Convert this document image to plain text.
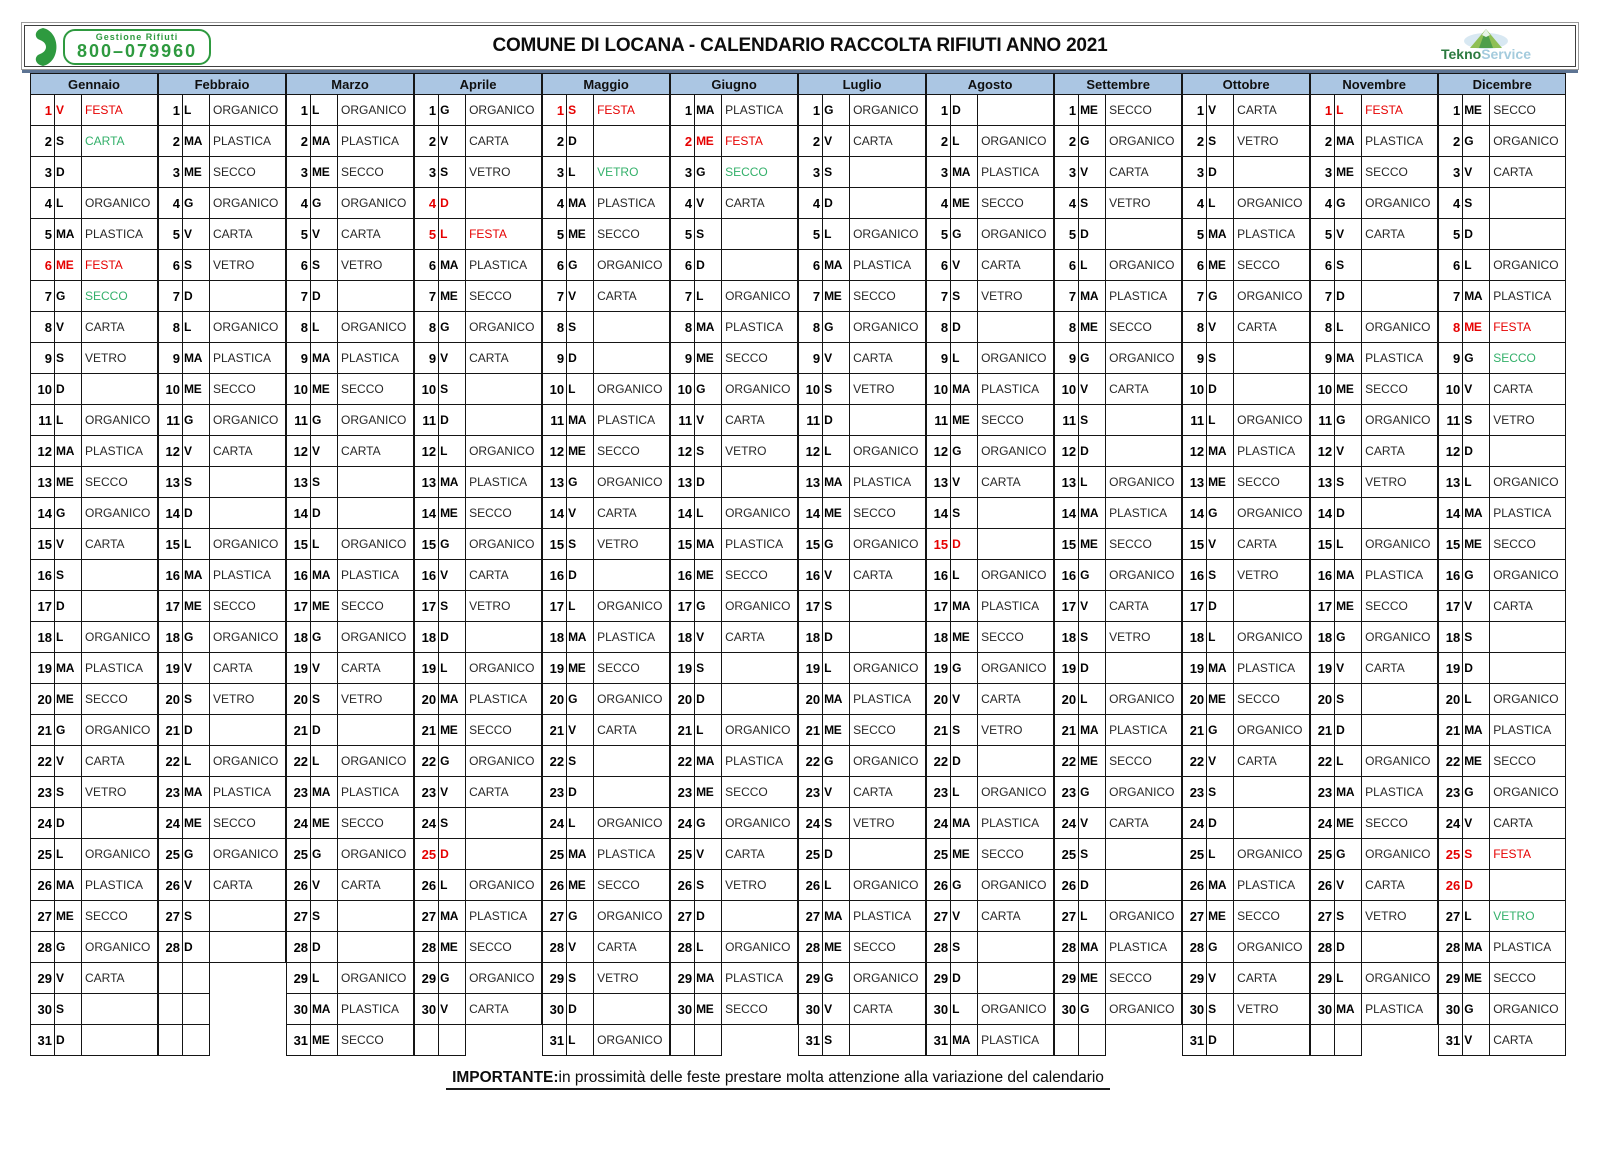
Gestione Rifiuti
800–079960	COMUNE DI LOCANA - CALENDARIO RACCOLTA RIFIUTI ANNO 2021	TeknoService
Gennaio		
1	V	FESTA
2	S	CARTA
3	D	
4	L	ORGANICO
5	MA	PLASTICA
6	ME	FESTA
7	G	SECCO
8	V	CARTA
9	S	VETRO
10	D	
11	L	ORGANICO
12	MA	PLASTICA
13	ME	SECCO
14	G	ORGANICO
15	V	CARTA
16	S	
17	D	
18	L	ORGANICO
19	MA	PLASTICA
20	ME	SECCO
21	G	ORGANICO
22	V	CARTA
23	S	VETRO
24	D	
25	L	ORGANICO
26	MA	PLASTICA
27	ME	SECCO
28	G	ORGANICO
29	V	CARTA
30	S	
31	D	
Febbraio		
1	L	ORGANICO
2	MA	PLASTICA
3	ME	SECCO
4	G	ORGANICO
5	V	CARTA
6	S	VETRO
7	D	
8	L	ORGANICO
9	MA	PLASTICA
10	ME	SECCO
11	G	ORGANICO
12	V	CARTA
13	S	
14	D	
15	L	ORGANICO
16	MA	PLASTICA
17	ME	SECCO
18	G	ORGANICO
19	V	CARTA
20	S	VETRO
21	D	
22	L	ORGANICO
23	MA	PLASTICA
24	ME	SECCO
25	G	ORGANICO
26	V	CARTA
27	S	
28	D	

Marzo		
1	L	ORGANICO
2	MA	PLASTICA
3	ME	SECCO
4	G	ORGANICO
5	V	CARTA
6	S	VETRO
7	D	
8	L	ORGANICO
9	MA	PLASTICA
10	ME	SECCO
11	G	ORGANICO
12	V	CARTA
13	S	
14	D	
15	L	ORGANICO
16	MA	PLASTICA
17	ME	SECCO
18	G	ORGANICO
19	V	CARTA
20	S	VETRO
21	D	
22	L	ORGANICO
23	MA	PLASTICA
24	ME	SECCO
25	G	ORGANICO
26	V	CARTA
27	S	
28	D	
29	L	ORGANICO
30	MA	PLASTICA
31	ME	SECCO
Aprile		
1	G	ORGANICO
2	V	CARTA
3	S	VETRO
4	D	
5	L	FESTA
6	MA	PLASTICA
7	ME	SECCO
8	G	ORGANICO
9	V	CARTA
10	S	
11	D	
12	L	ORGANICO
13	MA	PLASTICA
14	ME	SECCO
15	G	ORGANICO
16	V	CARTA
17	S	VETRO
18	D	
19	L	ORGANICO
20	MA	PLASTICA
21	ME	SECCO
22	G	ORGANICO
23	V	CARTA
24	S	
25	D	
26	L	ORGANICO
27	MA	PLASTICA
28	ME	SECCO
29	G	ORGANICO
30	V	CARTA

Maggio		
1	S	FESTA
2	D	
3	L	VETRO
4	MA	PLASTICA
5	ME	SECCO
6	G	ORGANICO
7	V	CARTA
8	S	
9	D	
10	L	ORGANICO
11	MA	PLASTICA
12	ME	SECCO
13	G	ORGANICO
14	V	CARTA
15	S	VETRO
16	D	
17	L	ORGANICO
18	MA	PLASTICA
19	ME	SECCO
20	G	ORGANICO
21	V	CARTA
22	S	
23	D	
24	L	ORGANICO
25	MA	PLASTICA
26	ME	SECCO
27	G	ORGANICO
28	V	CARTA
29	S	VETRO
30	D	
31	L	ORGANICO
Giugno		
1	MA	PLASTICA
2	ME	FESTA
3	G	SECCO
4	V	CARTA
5	S	
6	D	
7	L	ORGANICO
8	MA	PLASTICA
9	ME	SECCO
10	G	ORGANICO
11	V	CARTA
12	S	VETRO
13	D	
14	L	ORGANICO
15	MA	PLASTICA
16	ME	SECCO
17	G	ORGANICO
18	V	CARTA
19	S	
20	D	
21	L	ORGANICO
22	MA	PLASTICA
23	ME	SECCO
24	G	ORGANICO
25	V	CARTA
26	S	VETRO
27	D	
28	L	ORGANICO
29	MA	PLASTICA
30	ME	SECCO

Luglio		
1	G	ORGANICO
2	V	CARTA
3	S	
4	D	
5	L	ORGANICO
6	MA	PLASTICA
7	ME	SECCO
8	G	ORGANICO
9	V	CARTA
10	S	VETRO
11	D	
12	L	ORGANICO
13	MA	PLASTICA
14	ME	SECCO
15	G	ORGANICO
16	V	CARTA
17	S	
18	D	
19	L	ORGANICO
20	MA	PLASTICA
21	ME	SECCO
22	G	ORGANICO
23	V	CARTA
24	S	VETRO
25	D	
26	L	ORGANICO
27	MA	PLASTICA
28	ME	SECCO
29	G	ORGANICO
30	V	CARTA
31	S	
Agosto		
1	D	
2	L	ORGANICO
3	MA	PLASTICA
4	ME	SECCO
5	G	ORGANICO
6	V	CARTA
7	S	VETRO
8	D	
9	L	ORGANICO
10	MA	PLASTICA
11	ME	SECCO
12	G	ORGANICO
13	V	CARTA
14	S	
15	D	
16	L	ORGANICO
17	MA	PLASTICA
18	ME	SECCO
19	G	ORGANICO
20	V	CARTA
21	S	VETRO
22	D	
23	L	ORGANICO
24	MA	PLASTICA
25	ME	SECCO
26	G	ORGANICO
27	V	CARTA
28	S	
29	D	
30	L	ORGANICO
31	MA	PLASTICA
Settembre		
1	ME	SECCO
2	G	ORGANICO
3	V	CARTA
4	S	VETRO
5	D	
6	L	ORGANICO
7	MA	PLASTICA
8	ME	SECCO
9	G	ORGANICO
10	V	CARTA
11	S	
12	D	
13	L	ORGANICO
14	MA	PLASTICA
15	ME	SECCO
16	G	ORGANICO
17	V	CARTA
18	S	VETRO
19	D	
20	L	ORGANICO
21	MA	PLASTICA
22	ME	SECCO
23	G	ORGANICO
24	V	CARTA
25	S	
26	D	
27	L	ORGANICO
28	MA	PLASTICA
29	ME	SECCO
30	G	ORGANICO

Ottobre		
1	V	CARTA
2	S	VETRO
3	D	
4	L	ORGANICO
5	MA	PLASTICA
6	ME	SECCO
7	G	ORGANICO
8	V	CARTA
9	S	
10	D	
11	L	ORGANICO
12	MA	PLASTICA
13	ME	SECCO
14	G	ORGANICO
15	V	CARTA
16	S	VETRO
17	D	
18	L	ORGANICO
19	MA	PLASTICA
20	ME	SECCO
21	G	ORGANICO
22	V	CARTA
23	S	
24	D	
25	L	ORGANICO
26	MA	PLASTICA
27	ME	SECCO
28	G	ORGANICO
29	V	CARTA
30	S	VETRO
31	D	
Novembre		
1	L	FESTA
2	MA	PLASTICA
3	ME	SECCO
4	G	ORGANICO
5	V	CARTA
6	S	
7	D	
8	L	ORGANICO
9	MA	PLASTICA
10	ME	SECCO
11	G	ORGANICO
12	V	CARTA
13	S	VETRO
14	D	
15	L	ORGANICO
16	MA	PLASTICA
17	ME	SECCO
18	G	ORGANICO
19	V	CARTA
20	S	
21	D	
22	L	ORGANICO
23	MA	PLASTICA
24	ME	SECCO
25	G	ORGANICO
26	V	CARTA
27	S	VETRO
28	D	
29	L	ORGANICO
30	MA	PLASTICA

Dicembre		
1	ME	SECCO
2	G	ORGANICO
3	V	CARTA
4	S	
5	D	
6	L	ORGANICO
7	MA	PLASTICA
8	ME	FESTA
9	G	SECCO
10	V	CARTA
11	S	VETRO
12	D	
13	L	ORGANICO
14	MA	PLASTICA
15	ME	SECCO
16	G	ORGANICO
17	V	CARTA
18	S	
19	D	
20	L	ORGANICO
21	MA	PLASTICA
22	ME	SECCO
23	G	ORGANICO
24	V	CARTA
25	S	FESTA
26	D	
27	L	VETRO
28	MA	PLASTICA
29	ME	SECCO
30	G	ORGANICO
31	V	CARTA
IMPORTANTE:in prossimità delle feste prestare molta attenzione alla variazione del calendario
